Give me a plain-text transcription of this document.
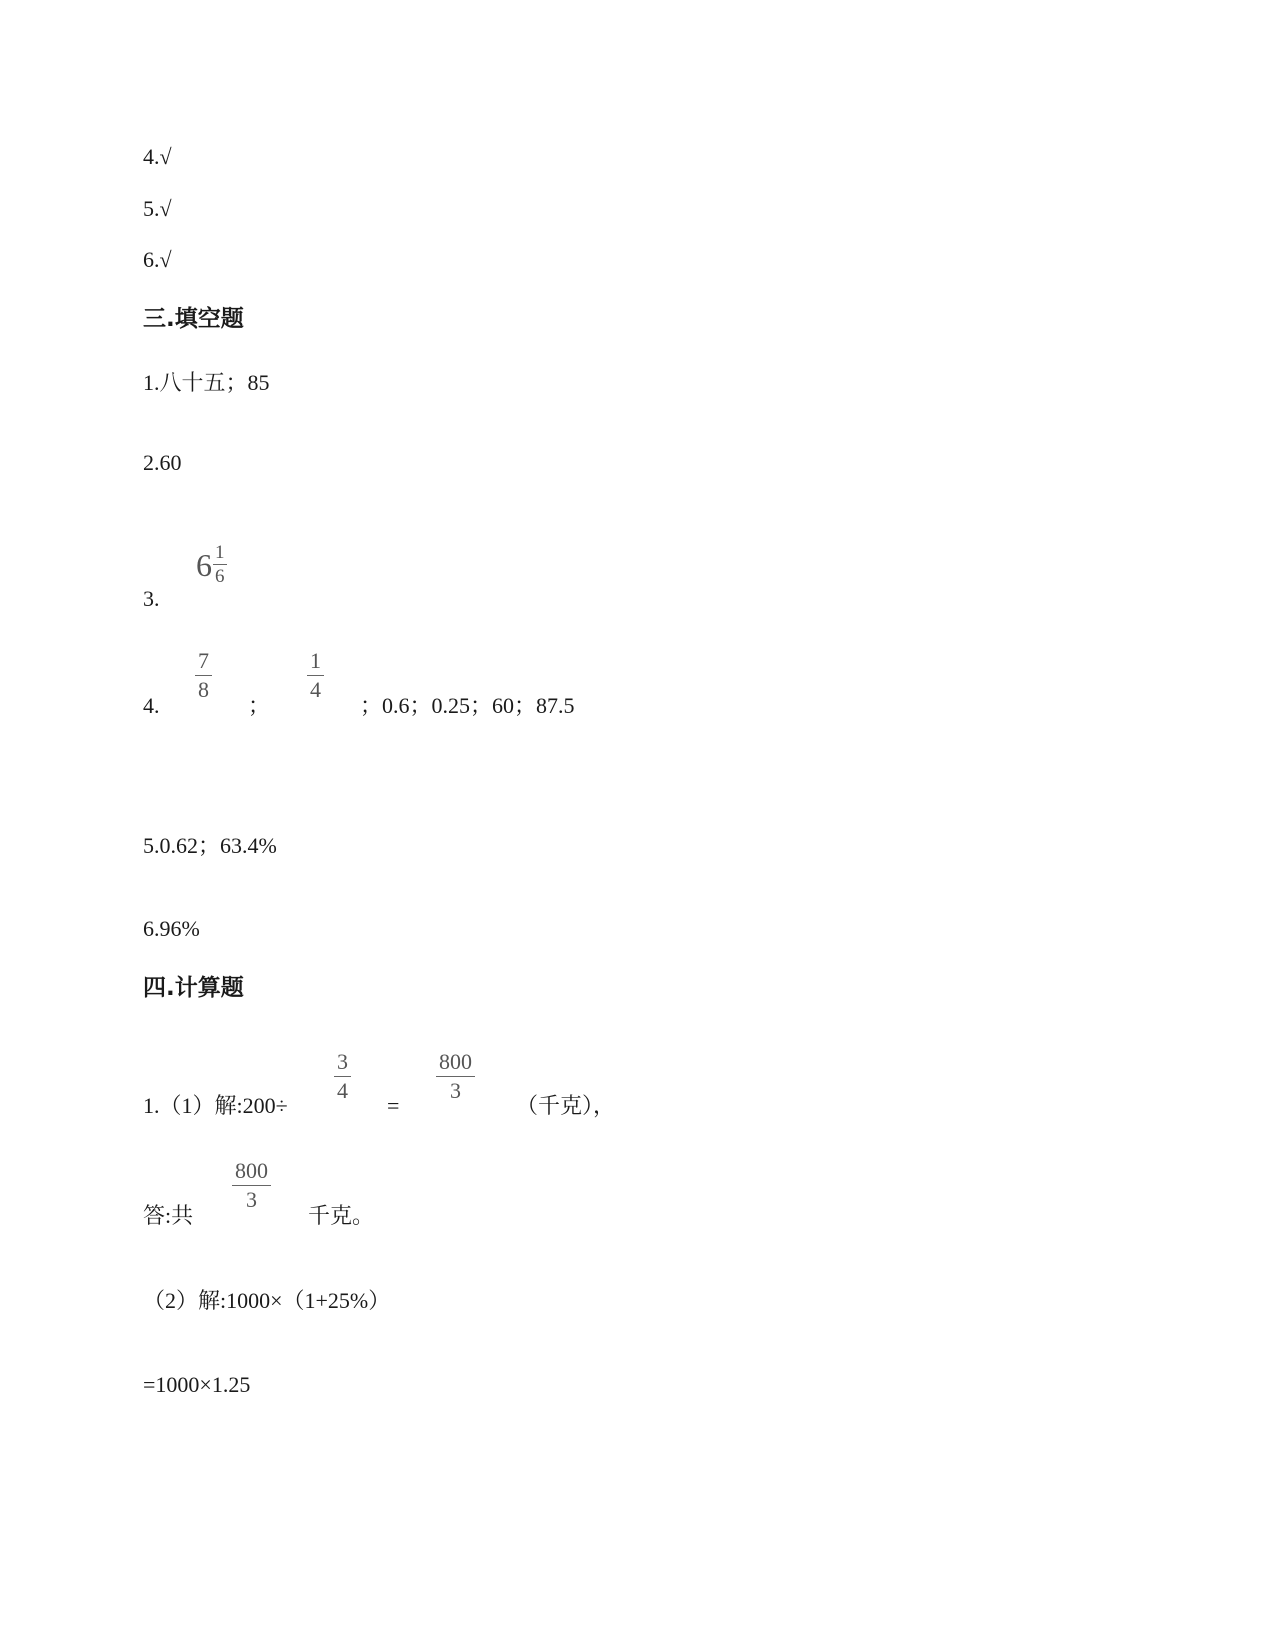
4.√
5.√
6.√
三.填空题
1.八十五；85
2.60
3.
$6 \frac{1}{6}$
4.
7
8
；
1
4
；0.6；0.25；60；87.5
5.0.62；63.4%
6.96%
四.计算题
1.（1）解:200÷
3
4
=
800
3
（千克），
答:共
800
3
千克。
（2）解:1000×（1+25%）
=1000×1.25
